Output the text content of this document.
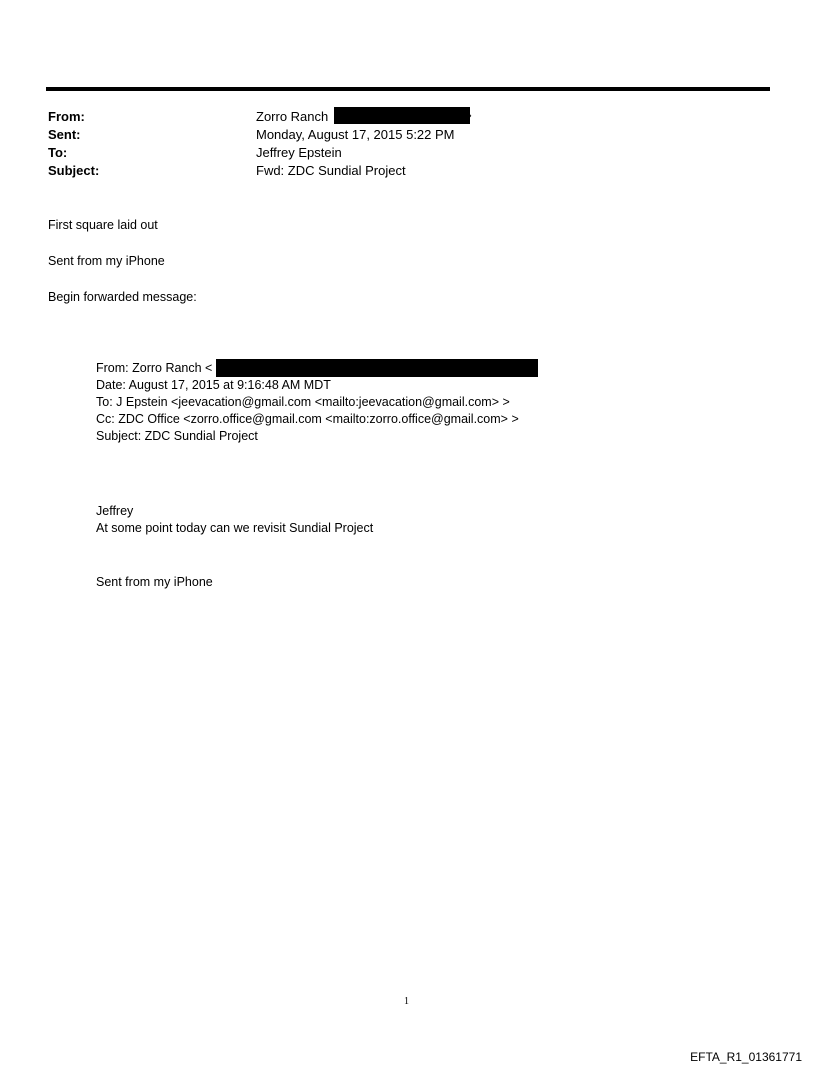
From:	Zorro Ranch	›
Sent:	Monday, August 17, 2015 5:22 PM
To:	Jeffrey Epstein
Subject:	Fwd: ZDC Sundial Project
First square laid out
Sent from my iPhone
Begin forwarded message:
From: Zorro Ranch <
Date: August 17, 2015 at 9:16:48 AM MDT
To: J Epstein <jeevacation@gmail.com <mailto:jeevacation@gmail.com> >
Cc: ZDC Office <zorro.office@gmail.com <mailto:zorro.office@gmail.com> >
Subject: ZDC Sundial Project
Jeffrey
At some point today can we revisit Sundial Project
Sent from my iPhone
1
EFTA_R1_01361771
